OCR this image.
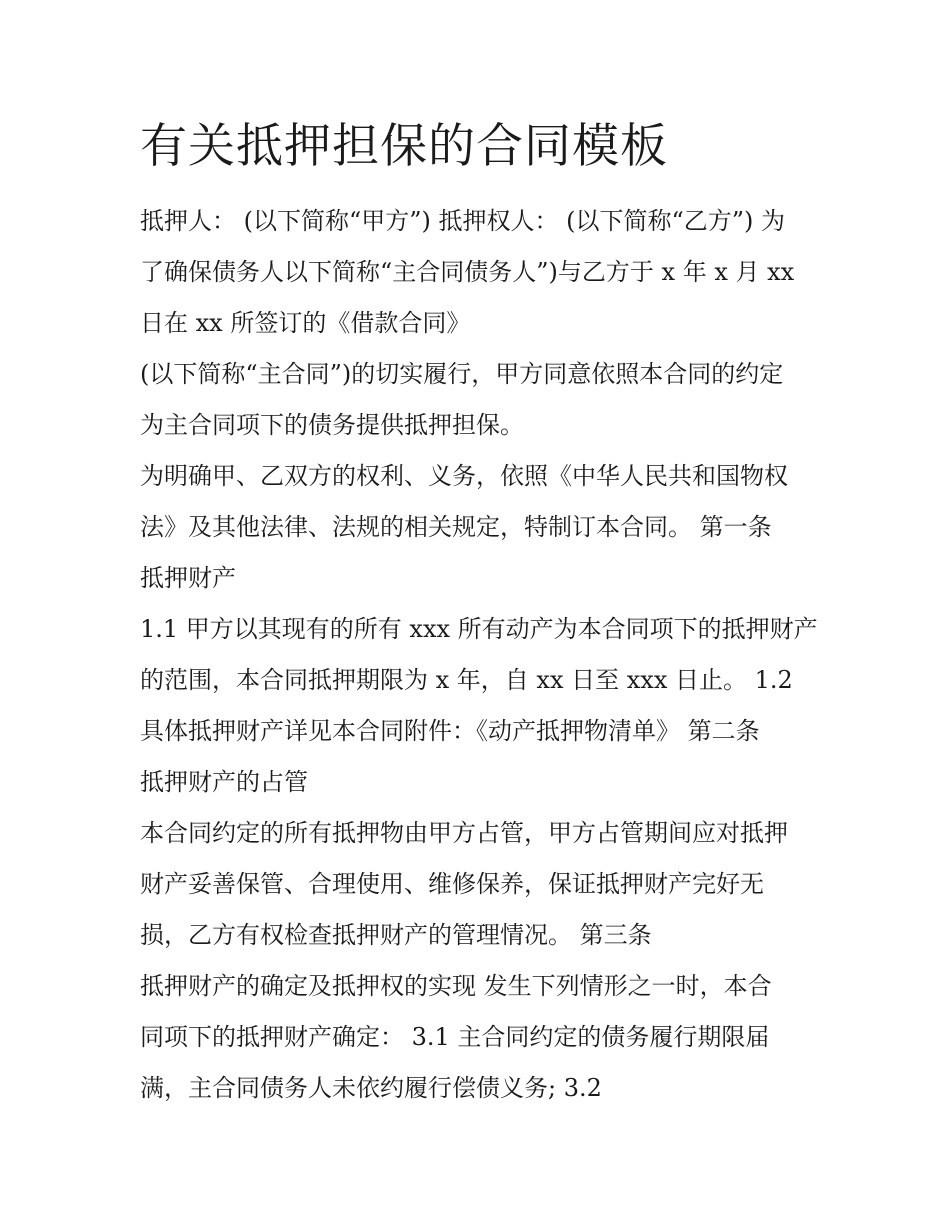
有关抵押担保的合同模板
抵押人： (以下简称“甲方”) 抵押权人： (以下简称“乙方”) 为
了确保债务人以下简称“主合同债务人”)与乙方于 x 年 x 月 xx
日在 xx 所签订的《借款合同》
(以下简称“主合同”)的切实履行，甲方同意依照本合同的约定
为主合同项下的债务提供抵押担保。
为明确甲、乙双方的权利、义务，依照《中华人民共和国物权
法》及其他法律、法规的相关规定，特制订本合同。 第一条
抵押财产
1.1 甲方以其现有的所有 xxx 所有动产为本合同项下的抵押财产
的范围，本合同抵押期限为 x 年，自 xx 日至 xxx 日止。 1.2
具体抵押财产详见本合同附件：《动产抵押物清单》 第二条
抵押财产的占管
本合同约定的所有抵押物由甲方占管，甲方占管期间应对抵押
财产妥善保管、合理使用、维修保养，保证抵押财产完好无
损，乙方有权检查抵押财产的管理情况。 第三条
抵押财产的确定及抵押权的实现 发生下列情形之一时，本合
同项下的抵押财产确定： 3.1 主合同约定的债务履行期限届
满，主合同债务人未依约履行偿债义务; 3.2
